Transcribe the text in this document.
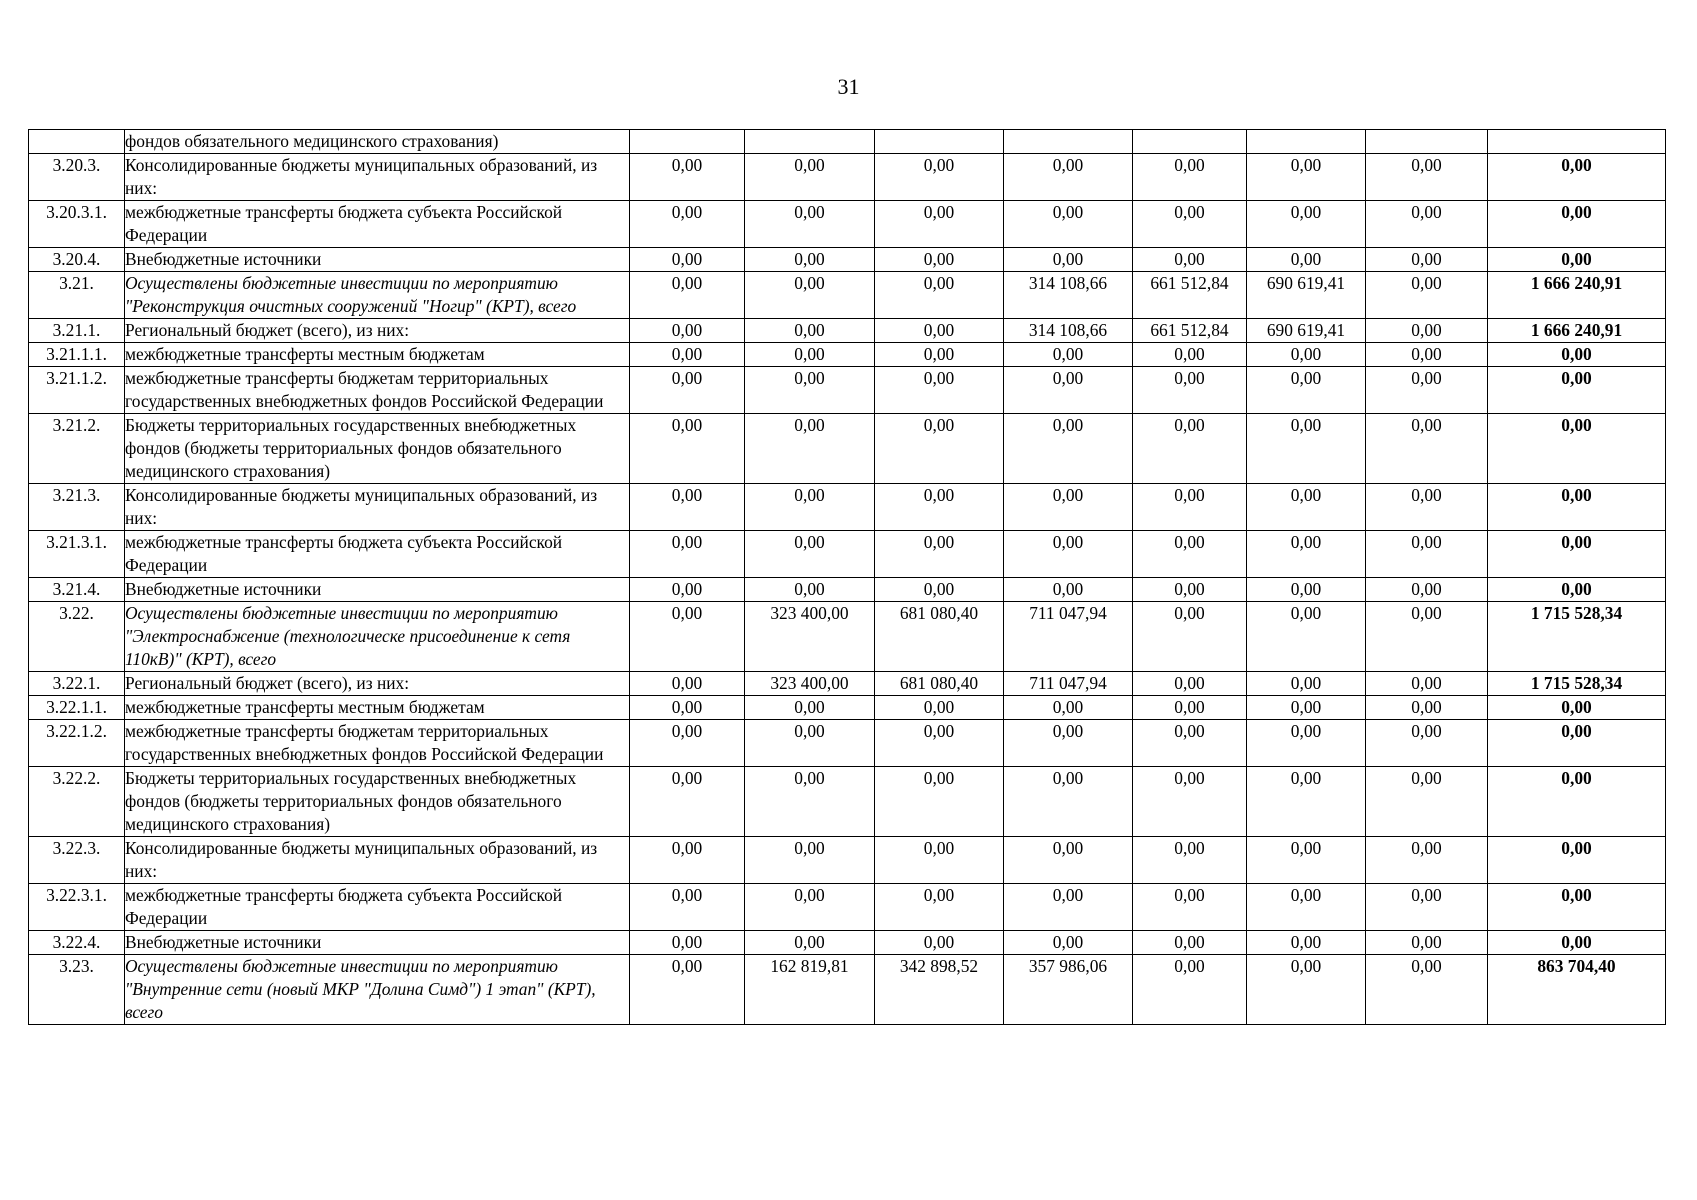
31
	фондов обязательного медицинского страхования)								
3.20.3.	Консолидированные бюджеты муниципальных образований, из них:	0,00	0,00	0,00	0,00	0,00	0,00	0,00	0,00
3.20.3.1.	межбюджетные трансферты бюджета субъекта Российской Федерации	0,00	0,00	0,00	0,00	0,00	0,00	0,00	0,00
3.20.4.	Внебюджетные источники	0,00	0,00	0,00	0,00	0,00	0,00	0,00	0,00
3.21.	Осуществлены бюджетные инвестиции по мероприятию "Реконструкция очистных сооружений "Ногир" (КРТ), всего	0,00	0,00	0,00	314 108,66	661 512,84	690 619,41	0,00	1 666 240,91
3.21.1.	Региональный бюджет (всего), из них:	0,00	0,00	0,00	314 108,66	661 512,84	690 619,41	0,00	1 666 240,91
3.21.1.1.	межбюджетные трансферты местным бюджетам	0,00	0,00	0,00	0,00	0,00	0,00	0,00	0,00
3.21.1.2.	межбюджетные трансферты бюджетам территориальных государственных внебюджетных фондов Российской Федерации	0,00	0,00	0,00	0,00	0,00	0,00	0,00	0,00
3.21.2.	Бюджеты территориальных государственных внебюджетных фондов (бюджеты территориальных фондов обязательного медицинского страхования)	0,00	0,00	0,00	0,00	0,00	0,00	0,00	0,00
3.21.3.	Консолидированные бюджеты муниципальных образований, из них:	0,00	0,00	0,00	0,00	0,00	0,00	0,00	0,00
3.21.3.1.	межбюджетные трансферты бюджета субъекта Российской Федерации	0,00	0,00	0,00	0,00	0,00	0,00	0,00	0,00
3.21.4.	Внебюджетные источники	0,00	0,00	0,00	0,00	0,00	0,00	0,00	0,00
3.22.	Осуществлены бюджетные инвестиции по мероприятию "Электроснабжение (технологическе присоединение к сетя 110кВ)" (КРТ), всего	0,00	323 400,00	681 080,40	711 047,94	0,00	0,00	0,00	1 715 528,34
3.22.1.	Региональный бюджет (всего), из них:	0,00	323 400,00	681 080,40	711 047,94	0,00	0,00	0,00	1 715 528,34
3.22.1.1.	межбюджетные трансферты местным бюджетам	0,00	0,00	0,00	0,00	0,00	0,00	0,00	0,00
3.22.1.2.	межбюджетные трансферты бюджетам территориальных государственных внебюджетных фондов Российской Федерации	0,00	0,00	0,00	0,00	0,00	0,00	0,00	0,00
3.22.2.	Бюджеты территориальных государственных внебюджетных фондов (бюджеты территориальных фондов обязательного медицинского страхования)	0,00	0,00	0,00	0,00	0,00	0,00	0,00	0,00
3.22.3.	Консолидированные бюджеты муниципальных образований, из них:	0,00	0,00	0,00	0,00	0,00	0,00	0,00	0,00
3.22.3.1.	межбюджетные трансферты бюджета субъекта Российской Федерации	0,00	0,00	0,00	0,00	0,00	0,00	0,00	0,00
3.22.4.	Внебюджетные источники	0,00	0,00	0,00	0,00	0,00	0,00	0,00	0,00
3.23.	Осуществлены бюджетные инвестиции по мероприятию "Внутренние сети (новый МКР "Долина Симд") 1 этап" (КРТ), всего	0,00	162 819,81	342 898,52	357 986,06	0,00	0,00	0,00	863 704,40
